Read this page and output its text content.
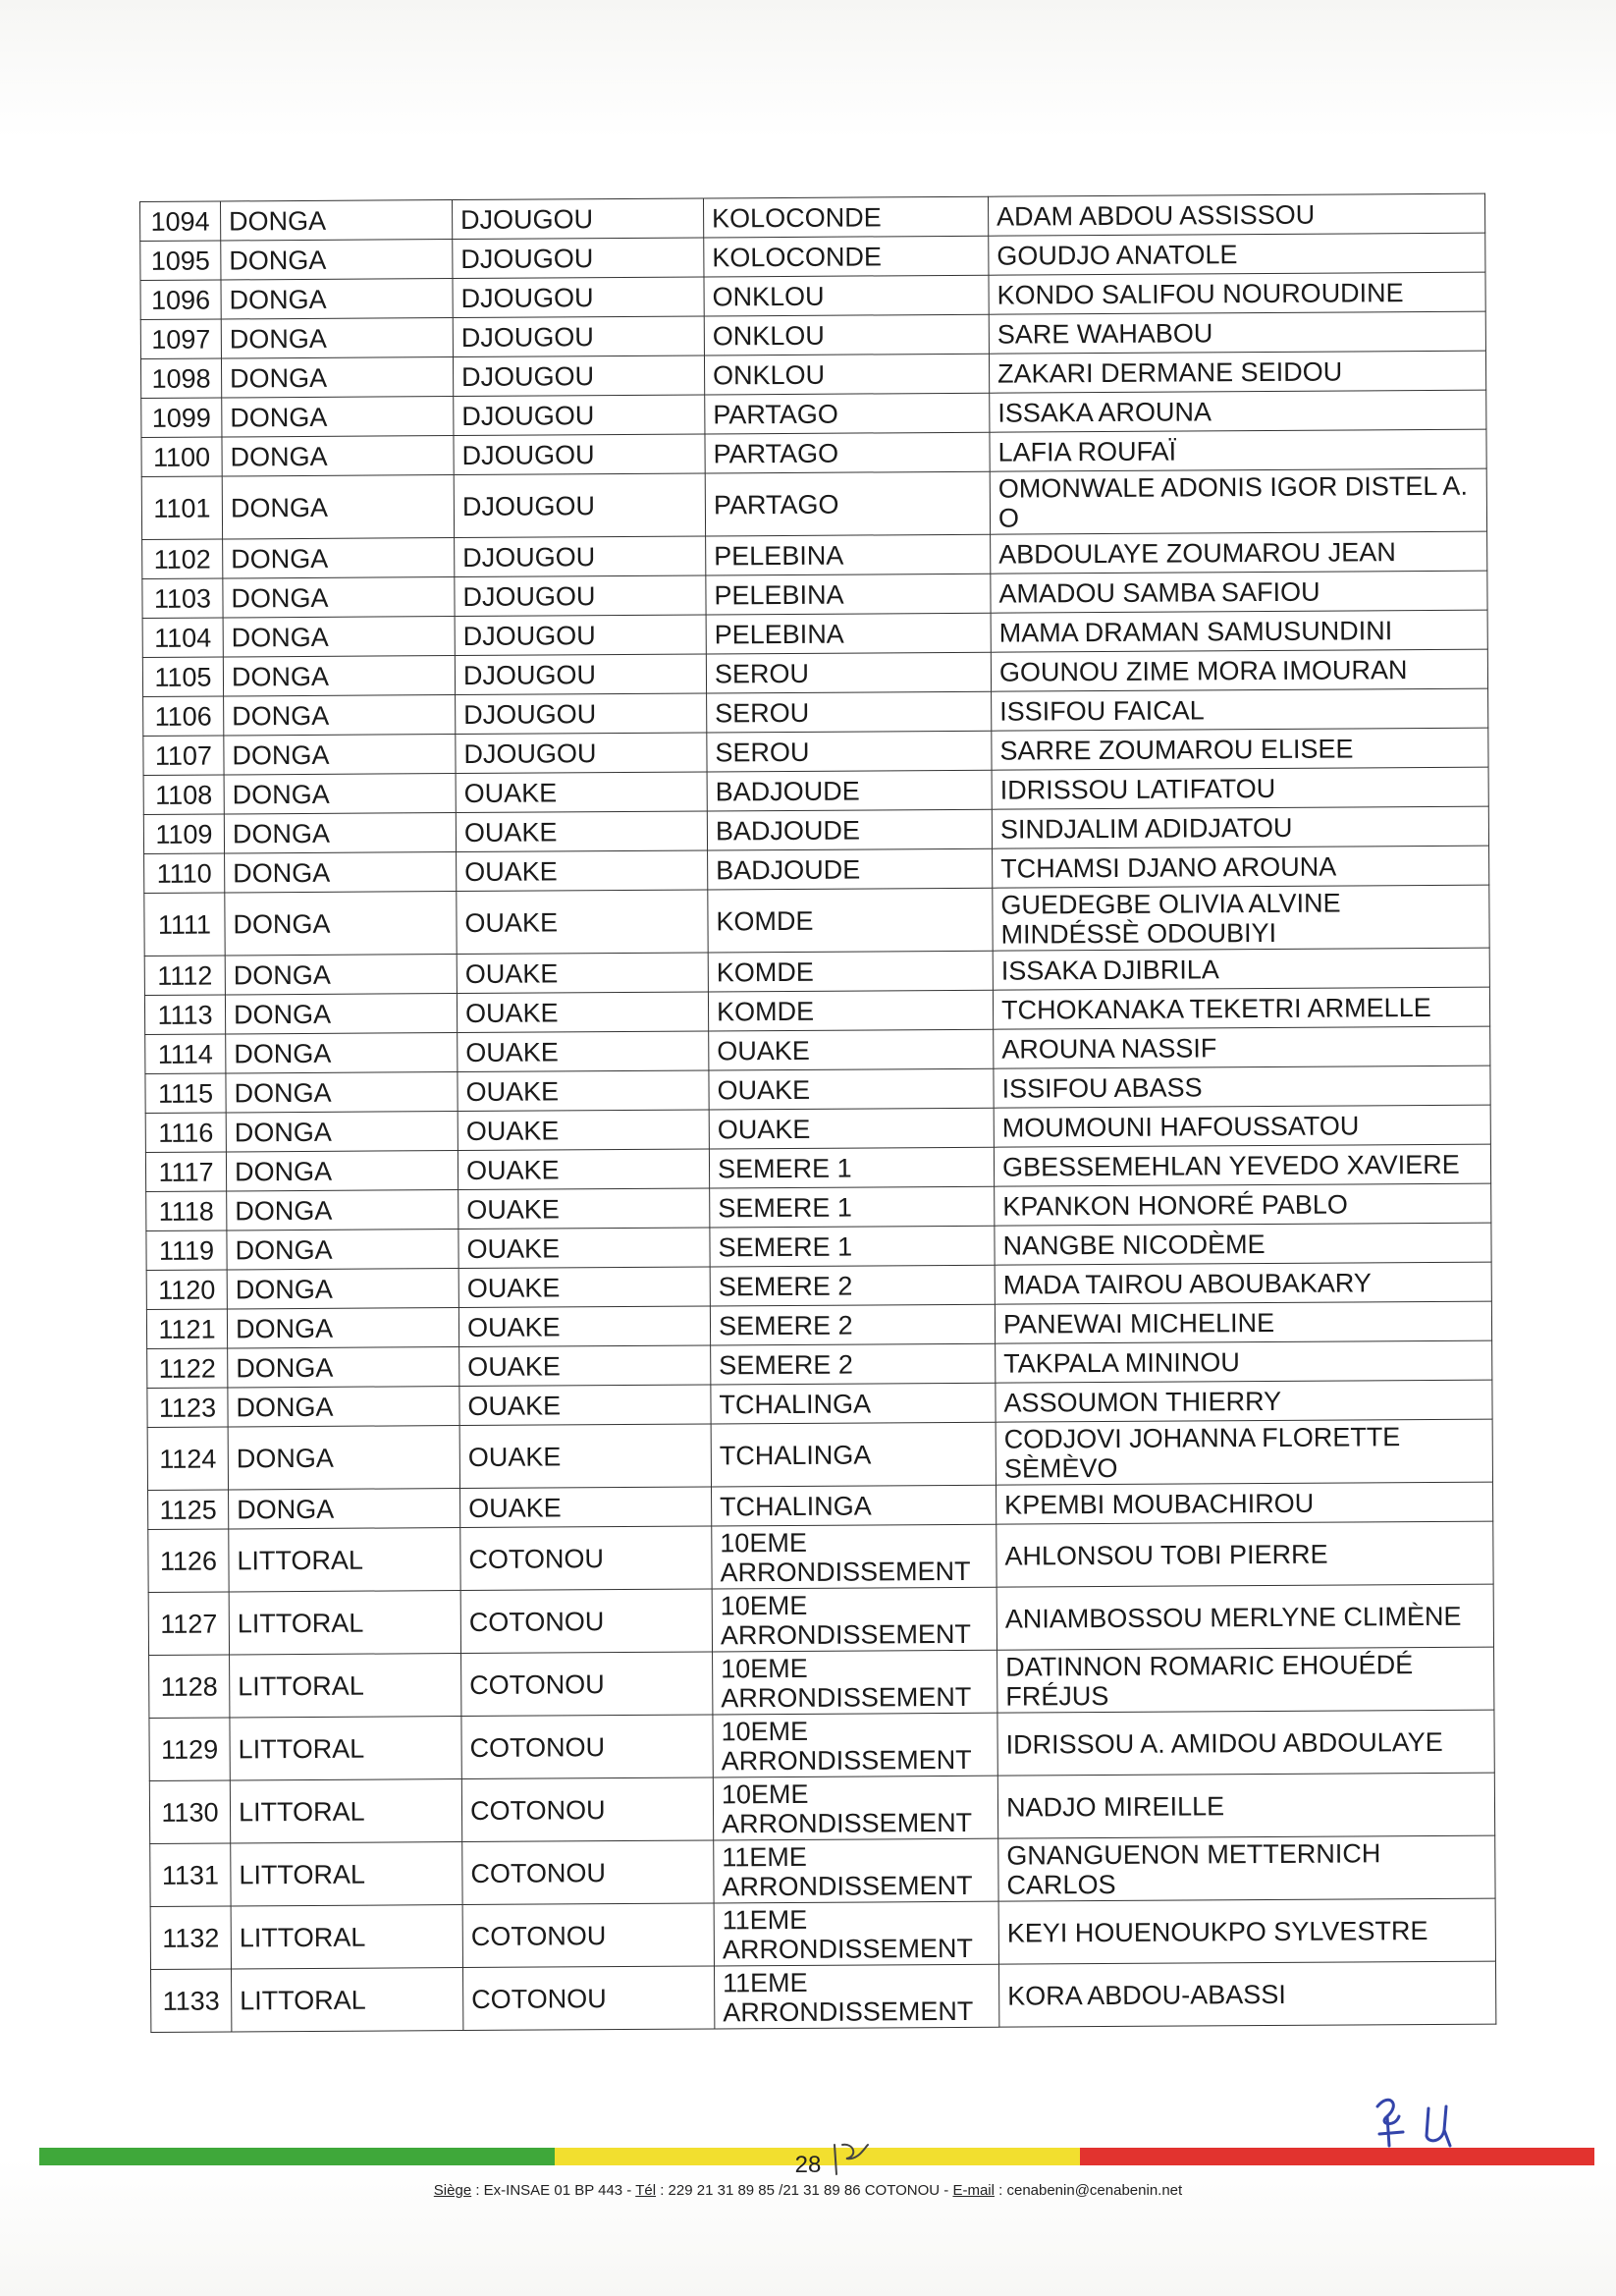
1094	DONGA	DJOUGOU	KOLOCONDE	ADAM ABDOU ASSISSOU
1095	DONGA	DJOUGOU	KOLOCONDE	GOUDJO ANATOLE
1096	DONGA	DJOUGOU	ONKLOU	KONDO SALIFOU NOUROUDINE
1097	DONGA	DJOUGOU	ONKLOU	SARE WAHABOU
1098	DONGA	DJOUGOU	ONKLOU	ZAKARI DERMANE SEIDOU
1099	DONGA	DJOUGOU	PARTAGO	ISSAKA AROUNA
1100	DONGA	DJOUGOU	PARTAGO	LAFIA ROUFAÏ
1101	DONGA	DJOUGOU	PARTAGO	OMONWALE ADONIS IGOR DISTEL A. O
1102	DONGA	DJOUGOU	PELEBINA	ABDOULAYE ZOUMAROU JEAN
1103	DONGA	DJOUGOU	PELEBINA	AMADOU SAMBA SAFIOU
1104	DONGA	DJOUGOU	PELEBINA	MAMA DRAMAN SAMUSUNDINI
1105	DONGA	DJOUGOU	SEROU	GOUNOU ZIME MORA IMOURAN
1106	DONGA	DJOUGOU	SEROU	ISSIFOU FAICAL
1107	DONGA	DJOUGOU	SEROU	SARRE ZOUMAROU ELISEE
1108	DONGA	OUAKE	BADJOUDE	IDRISSOU LATIFATOU
1109	DONGA	OUAKE	BADJOUDE	SINDJALIM ADIDJATOU
1110	DONGA	OUAKE	BADJOUDE	TCHAMSI DJANO AROUNA
1111	DONGA	OUAKE	KOMDE	GUEDEGBE OLIVIA ALVINE MINDÉSSÈ ODOUBIYI
1112	DONGA	OUAKE	KOMDE	ISSAKA DJIBRILA
1113	DONGA	OUAKE	KOMDE	TCHOKANAKA TEKETRI ARMELLE
1114	DONGA	OUAKE	OUAKE	AROUNA NASSIF
1115	DONGA	OUAKE	OUAKE	ISSIFOU ABASS
1116	DONGA	OUAKE	OUAKE	MOUMOUNI HAFOUSSATOU
1117	DONGA	OUAKE	SEMERE 1	GBESSEMEHLAN YEVEDO XAVIERE
1118	DONGA	OUAKE	SEMERE 1	KPANKON HONORÉ PABLO
1119	DONGA	OUAKE	SEMERE 1	NANGBE NICODÈME
1120	DONGA	OUAKE	SEMERE 2	MADA TAIROU ABOUBAKARY
1121	DONGA	OUAKE	SEMERE 2	PANEWAI MICHELINE
1122	DONGA	OUAKE	SEMERE 2	TAKPALA MININOU
1123	DONGA	OUAKE	TCHALINGA	ASSOUMON THIERRY
1124	DONGA	OUAKE	TCHALINGA	CODJOVI JOHANNA FLORETTE SÈMÈVO
1125	DONGA	OUAKE	TCHALINGA	KPEMBI MOUBACHIROU
1126	LITTORAL	COTONOU	10EME ARRONDISSEMENT	AHLONSOU TOBI PIERRE
1127	LITTORAL	COTONOU	10EME ARRONDISSEMENT	ANIAMBOSSOU MERLYNE CLIMÈNE
1128	LITTORAL	COTONOU	10EME ARRONDISSEMENT	DATINNON ROMARIC EHOUÉDÉ FRÉJUS
1129	LITTORAL	COTONOU	10EME ARRONDISSEMENT	IDRISSOU A. AMIDOU ABDOULAYE
1130	LITTORAL	COTONOU	10EME ARRONDISSEMENT	NADJO MIREILLE
1131	LITTORAL	COTONOU	11EME ARRONDISSEMENT	GNANGUENON METTERNICH CARLOS
1132	LITTORAL	COTONOU	11EME ARRONDISSEMENT	KEYI HOUENOUKPO SYLVESTRE
1133	LITTORAL	COTONOU	11EME ARRONDISSEMENT	KORA ABDOU-ABASSI
28
Siège : Ex-INSAE 01 BP 443 - Tél : 229 21 31 89 85 /21 31 89 86 COTONOU - E-mail : cenabenin@cenabenin.net
